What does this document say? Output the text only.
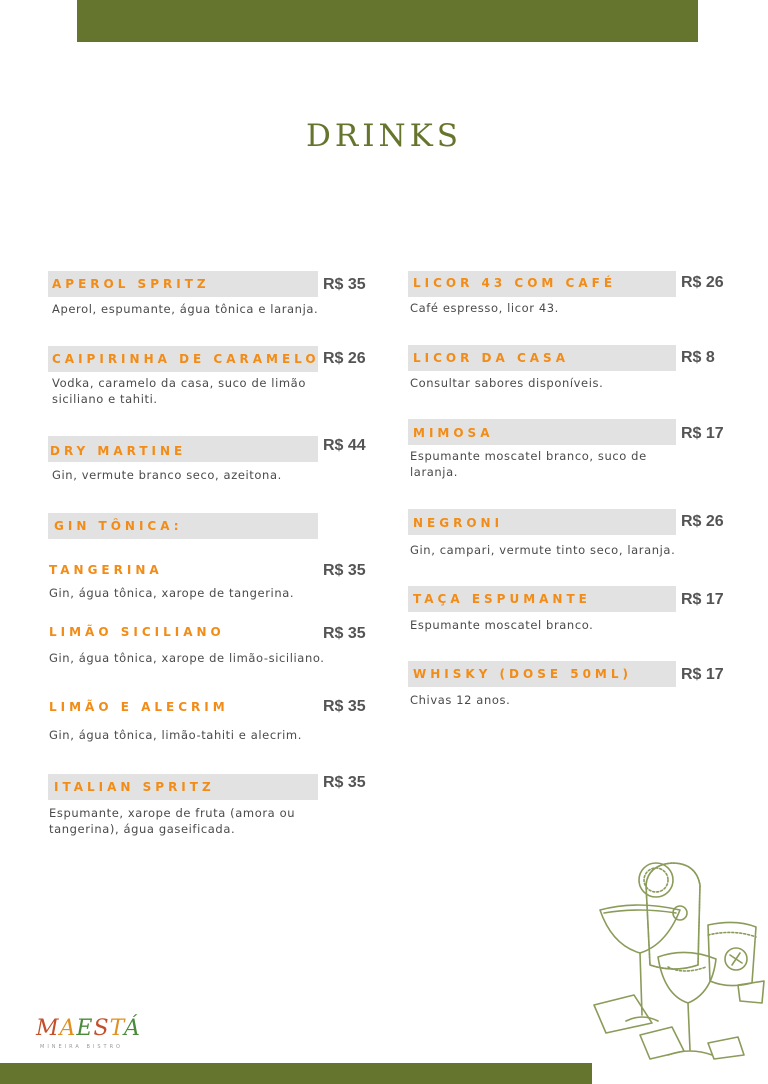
DRINKS
APEROL SPRITZ	R$ 35
Aperol, espumante, água tônica e laranja.
CAIPIRINHA DE CARAMELO R$ 26
Vodka, caramelo da casa, suco de limão siciliano e tahiti.
DRY MARTINE	R$ 44
Gin, vermute branco seco, azeitona.
GIN TÔNICA:
TANGERINA	R$ 35
Gin, água tônica, xarope de tangerina.
LIMÃO SICILIANO	R$ 35
Gin, água tônica, xarope de limão-siciliano.
LIMÃO E ALECRIM	R$ 35
Gin, água tônica, limão-tahiti e alecrim.
ITALIAN SPRITZ	R$ 35
Espumante, xarope de fruta (amora ou tangerina), água gaseificada.
LICOR 43 COM CAFÉ	R$ 26
Café espresso, licor 43.
LICOR DA CASA	R$ 8
Consultar sabores disponíveis.
MIMOSA	R$ 17
Espumante moscatel branco, suco de laranja.
NEGRONI	R$ 26
Gin, campari, vermute tinto seco, laranja.
TAÇA ESPUMANTE	R$ 17
Espumante moscatel branco.
WHISKY (DOSE 50ML)	R$ 17
Chivas 12 anos.
MAESTÁ
MINEIRA BISTRO
